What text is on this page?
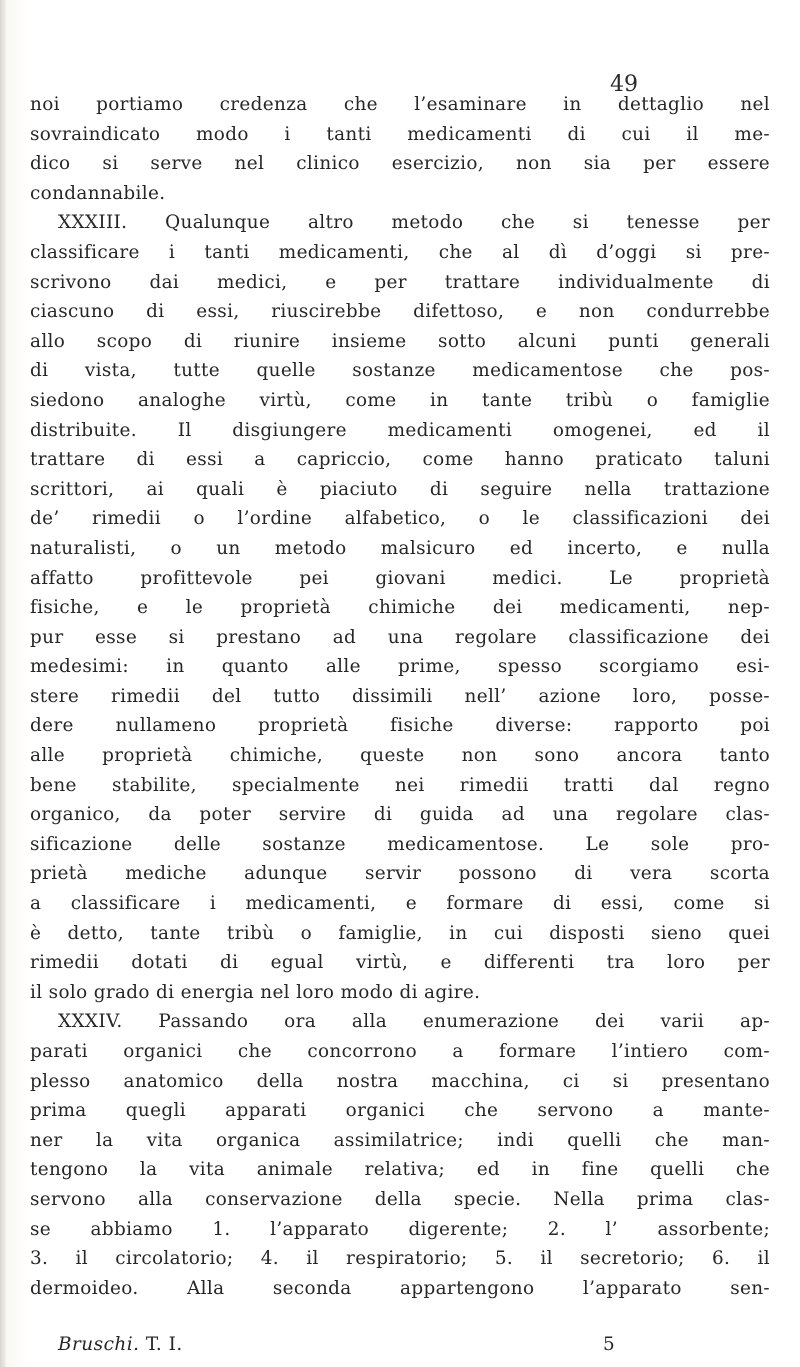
49
noi portiamo credenza che l’esaminare in dettaglio nel
sovraindicato modo i tanti medicamenti di cui il me-
dico si serve nel clinico esercizio, non sia per essere
condannabile.
XXXIII. Qualunque altro metodo che si tenesse per
classificare i tanti medicamenti, che al dì d’oggi si pre-
scrivono dai medici, e per trattare individualmente di
ciascuno di essi, riuscirebbe difettoso, e non condurrebbe
allo scopo di riunire insieme sotto alcuni punti generali
di vista, tutte quelle sostanze medicamentose che pos-
siedono analoghe virtù, come in tante tribù o famiglie
distribuite. Il disgiungere medicamenti omogenei, ed il
trattare di essi a capriccio, come hanno praticato taluni
scrittori, ai quali è piaciuto di seguire nella trattazione
de’ rimedii o l’ordine alfabetico, o le classificazioni dei
naturalisti, o un metodo malsicuro ed incerto, e nulla
affatto profittevole pei giovani medici. Le proprietà
fisiche, e le proprietà chimiche dei medicamenti, nep-
pur esse si prestano ad una regolare classificazione dei
medesimi: in quanto alle prime, spesso scorgiamo esi-
stere rimedii del tutto dissimili nell’ azione loro, posse-
dere nullameno proprietà fisiche diverse: rapporto poi
alle proprietà chimiche, queste non sono ancora tanto
bene stabilite, specialmente nei rimedii tratti dal regno
organico, da poter servire di guida ad una regolare clas-
sificazione delle sostanze medicamentose. Le sole pro-
prietà mediche adunque servir possono di vera scorta
a classificare i medicamenti, e formare di essi, come si
è detto, tante tribù o famiglie, in cui disposti sieno quei
rimedii dotati di egual virtù, e differenti tra loro per
il solo grado di energia nel loro modo di agire.
XXXIV. Passando ora alla enumerazione dei varii ap-
parati organici che concorrono a formare l’intiero com-
plesso anatomico della nostra macchina, ci si presentano
prima quegli apparati organici che servono a mante-
ner la vita organica assimilatrice; indi quelli che man-
tengono la vita animale relativa; ed in fine quelli che
servono alla conservazione della specie. Nella prima clas-
se abbiamo 1. l’apparato digerente; 2. l’ assorbente;
3. il circolatorio; 4. il respiratorio; 5. il secretorio; 6. il
dermoideo. Alla seconda appartengono l’apparato sen-
Bruschi. T. I.	5
